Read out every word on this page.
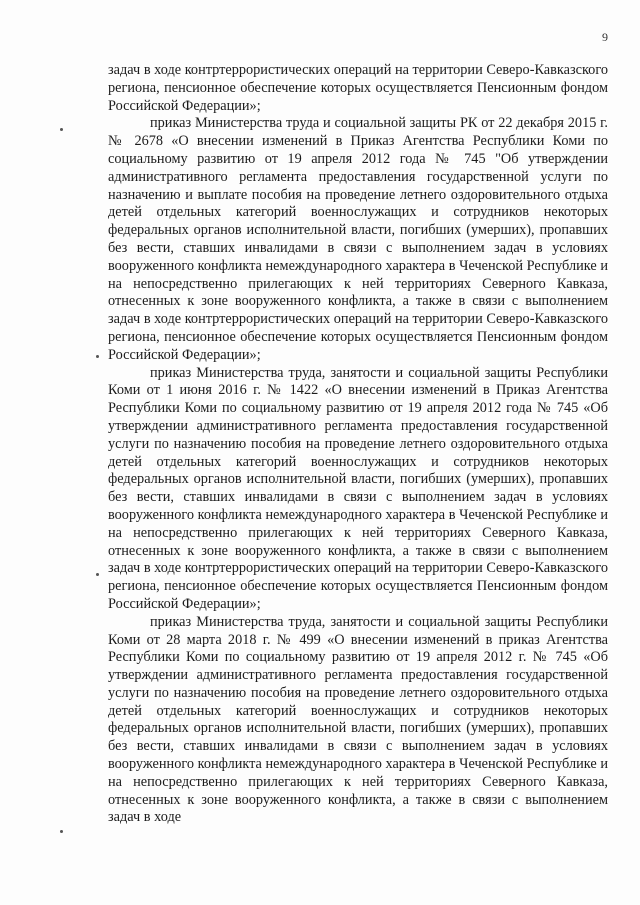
9

задач в ходе контртеррористических операций на территории Северо-Кавказского региона, пенсионное обеспечение которых осуществляется Пенсионным фондом Российской Федерации»;

приказ Министерства труда и социальной защиты РК от 22 декабря 2015 г. № 2678 «О внесении изменений в Приказ Агентства Республики Коми по социальному развитию от 19 апреля 2012 года № 745 "Об утверждении административного регламента предоставления государственной услуги по назначению и выплате пособия на проведение летнего оздоровительного отдыха детей отдельных категорий военнослужащих и сотрудников некоторых федеральных органов исполнительной власти, погибших (умерших), пропавших без вести, ставших инвалидами в связи с выполнением задач в условиях вооруженного конфликта немеждународного характера в Чеченской Республике и на непосредственно прилегающих к ней территориях Северного Кавказа, отнесенных к зоне вооруженного конфликта, а также в связи с выполнением задач в ходе контртеррористических операций на территории Северо-Кавказского региона, пенсионное обеспечение которых осуществляется Пенсионным фондом Российской Федерации»;

приказ Министерства труда, занятости и социальной защиты Республики Коми от 1 июня 2016 г. № 1422 «О внесении изменений в Приказ Агентства Республики Коми по социальному развитию от 19 апреля 2012 года № 745 «Об утверждении административного регламента предоставления государственной услуги по назначению пособия на проведение летнего оздоровительного отдыха детей отдельных категорий военнослужащих и сотрудников некоторых федеральных органов исполнительной власти, погибших (умерших), пропавших без вести, ставших инвалидами в связи с выполнением задач в условиях вооруженного конфликта немеждународного характера в Чеченской Республике и на непосредственно прилегающих к ней территориях Северного Кавказа, отнесенных к зоне вооруженного конфликта, а также в связи с выполнением задач в ходе контртеррористических операций на территории Северо-Кавказского региона, пенсионное обеспечение которых осуществляется Пенсионным фондом Российской Федерации»;

приказ Министерства труда, занятости и социальной защиты Республики Коми от 28 марта 2018 г. № 499 «О внесении изменений в приказ Агентства Республики Коми по социальному развитию от 19 апреля 2012 г. № 745 «Об утверждении административного регламента предоставления государственной услуги по назначению пособия на проведение летнего оздоровительного отдыха детей отдельных категорий военнослужащих и сотрудников некоторых федеральных органов исполнительной власти, погибших (умерших), пропавших без вести, ставших инвалидами в связи с выполнением задач в условиях вооруженного конфликта немеждународного характера в Чеченской Республике и на непосредственно прилегающих к ней территориях Северного Кавказа, отнесенных к зоне вооруженного конфликта, а также в связи с выполнением задач в ходе
